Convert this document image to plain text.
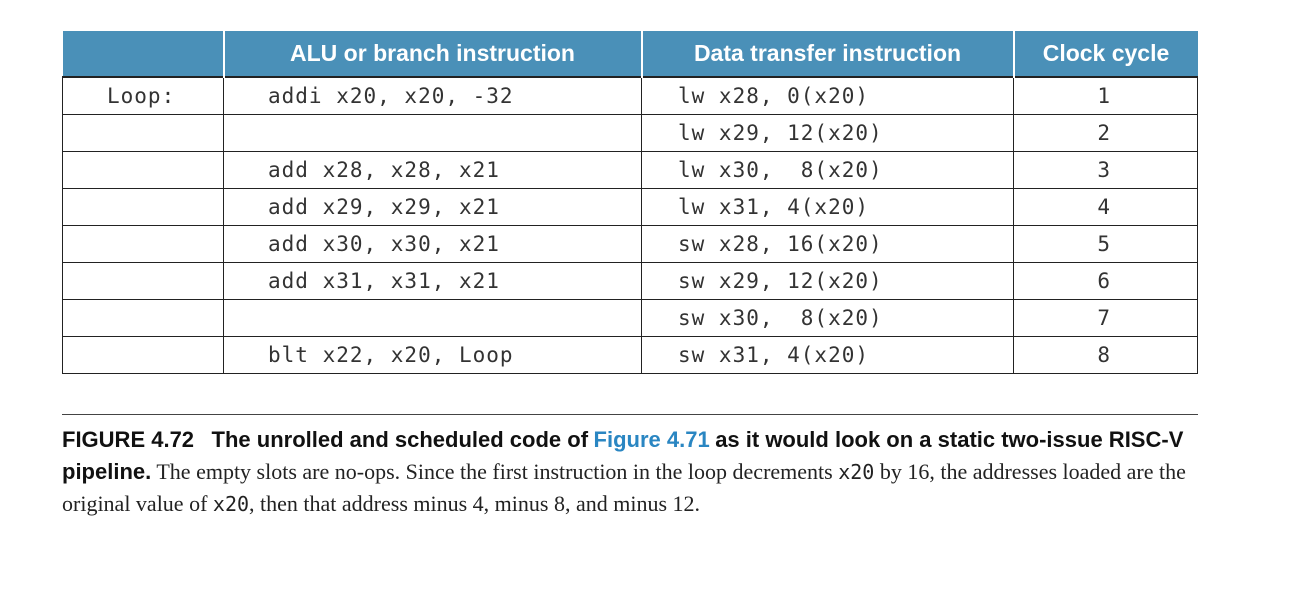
	ALU or branch instruction	Data transfer instruction	Clock cycle
Loop:	addi x20, x20, -32	lw x28, 0(x20)	1
		lw x29, 12(x20)	2
	add x28, x28, x21	lw x30,  8(x20)	3
	add x29, x29, x21	lw x31, 4(x20)	4
	add x30, x30, x21	sw x28, 16(x20)	5
	add x31, x31, x21	sw x29, 12(x20)	6
		sw x30,  8(x20)	7
	blt x22, x20, Loop	sw x31, 4(x20)	8
FIGURE 4.72 The unrolled and scheduled code of Figure 4.71 as it would look on a static two-issue RISC-V pipeline. The empty slots are no-ops. Since the first instruction in the loop decrements x20 by 16, the addresses loaded are the original value of x20, then that address minus 4, minus 8, and minus 12.
